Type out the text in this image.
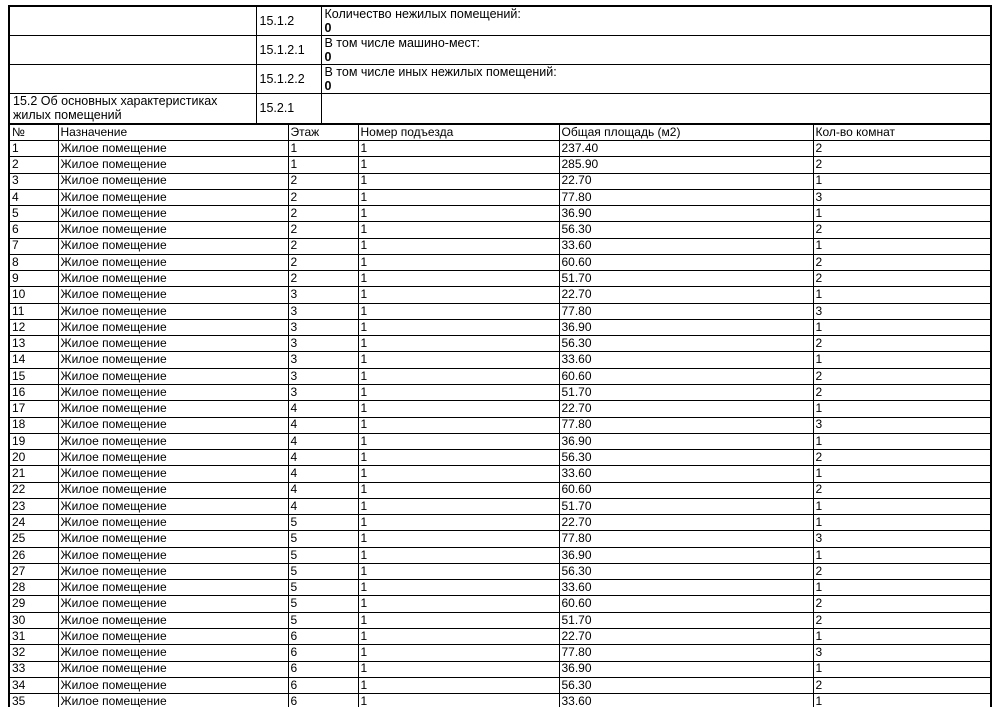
	15.1.2	Количество нежилых помещений:
0

	15.1.2.1	В том числе машино-мест:
0

	15.1.2.2	В том числе иных нежилых помещений:
0

15.2 Об основных характеристиках жилых помещений	15.2.1	
№	Назначение	Этаж	Номер подъезда	Общая площадь (м2)	Кол-во комнат
1	Жилое помещение	1	1	237.40	2
2	Жилое помещение	1	1	285.90	2
3	Жилое помещение	2	1	22.70	1
4	Жилое помещение	2	1	77.80	3
5	Жилое помещение	2	1	36.90	1
6	Жилое помещение	2	1	56.30	2
7	Жилое помещение	2	1	33.60	1
8	Жилое помещение	2	1	60.60	2
9	Жилое помещение	2	1	51.70	2
10	Жилое помещение	3	1	22.70	1
11	Жилое помещение	3	1	77.80	3
12	Жилое помещение	3	1	36.90	1
13	Жилое помещение	3	1	56.30	2
14	Жилое помещение	3	1	33.60	1
15	Жилое помещение	3	1	60.60	2
16	Жилое помещение	3	1	51.70	2
17	Жилое помещение	4	1	22.70	1
18	Жилое помещение	4	1	77.80	3
19	Жилое помещение	4	1	36.90	1
20	Жилое помещение	4	1	56.30	2
21	Жилое помещение	4	1	33.60	1
22	Жилое помещение	4	1	60.60	2
23	Жилое помещение	4	1	51.70	1
24	Жилое помещение	5	1	22.70	1
25	Жилое помещение	5	1	77.80	3
26	Жилое помещение	5	1	36.90	1
27	Жилое помещение	5	1	56.30	2
28	Жилое помещение	5	1	33.60	1
29	Жилое помещение	5	1	60.60	2
30	Жилое помещение	5	1	51.70	2
31	Жилое помещение	6	1	22.70	1
32	Жилое помещение	6	1	77.80	3
33	Жилое помещение	6	1	36.90	1
34	Жилое помещение	6	1	56.30	2
35	Жилое помещение	6	1	33.60	1
